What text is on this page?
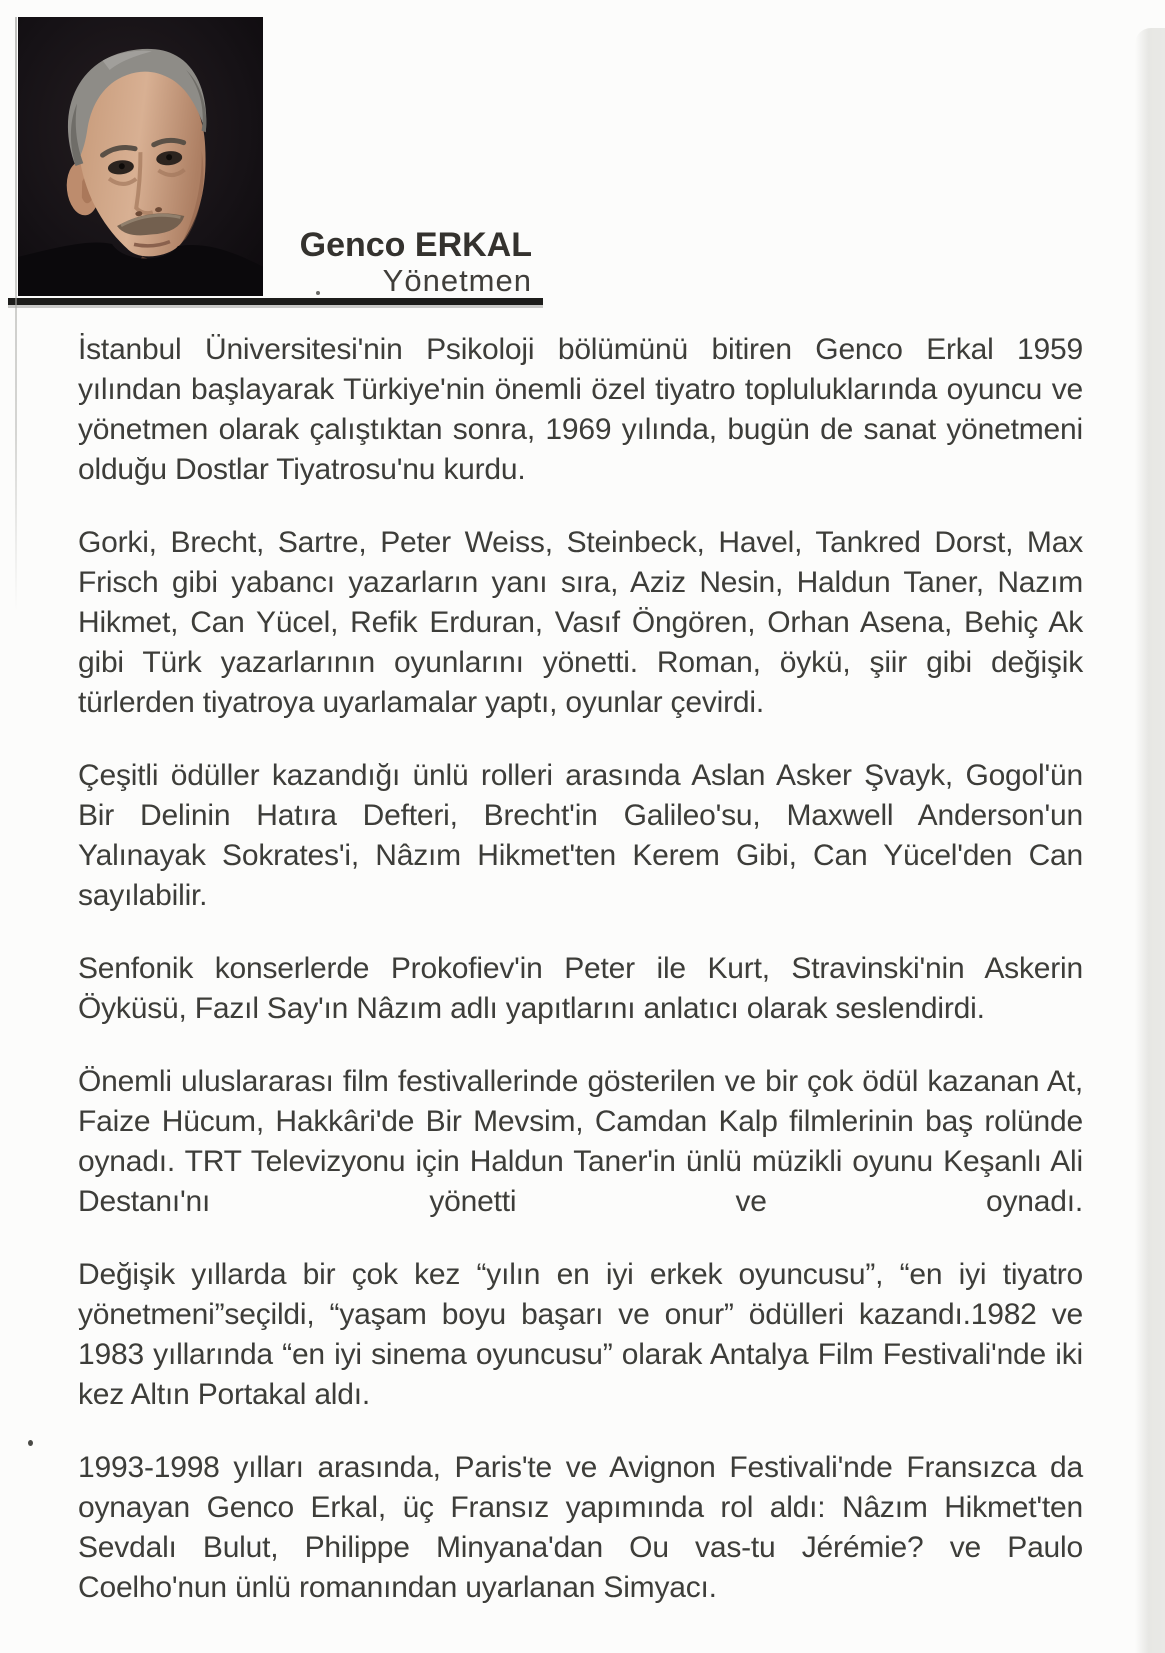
Genco ERKAL
Yönetmen

İstanbul Üniversitesi'nin Psikoloji bölümünü bitiren Genco Erkal 1959 yılından başlayarak Türkiye'nin önemli özel tiyatro topluluklarında oyuncu ve yönetmen olarak çalıştıktan sonra, 1969 yılında, bugün de sanat yönetmeni olduğu Dostlar Tiyatrosu'nu kurdu.

Gorki, Brecht, Sartre, Peter Weiss, Steinbeck, Havel, Tankred Dorst, Max Frisch gibi yabancı yazarların yanı sıra, Aziz Nesin, Haldun Taner, Nazım Hikmet, Can Yücel, Refik Erduran, Vasıf Öngören, Orhan Asena, Behiç Ak gibi Türk yazarlarının oyunlarını yönetti. Roman, öykü, şiir gibi değişik türlerden tiyatroya uyarlamalar yaptı, oyunlar çevirdi.

Çeşitli ödüller kazandığı ünlü rolleri arasında Aslan Asker Şvayk, Gogol'ün Bir Delinin Hatıra Defteri, Brecht'in Galileo'su, Maxwell Anderson'un Yalınayak Sokrates'i, Nâzım Hikmet'ten Kerem Gibi, Can Yücel'den Can sayılabilir.

Senfonik konserlerde Prokofiev'in Peter ile Kurt, Stravinski'nin Askerin Öyküsü, Fazıl Say'ın Nâzım adlı yapıtlarını anlatıcı olarak seslendirdi.

Önemli uluslararası film festivallerinde gösterilen ve bir çok ödül kazanan At, Faize Hücum, Hakkâri'de Bir Mevsim, Camdan Kalp filmlerinin baş rolünde oynadı. TRT Televizyonu için Haldun Taner'in ünlü müzikli oyunu Keşanlı Ali Destanı'nı yönetti ve oynadı.

Değişik yıllarda bir çok kez “yılın en iyi erkek oyuncusu”, “en iyi tiyatro yönetmeni”seçildi, “yaşam boyu başarı ve onur” ödülleri kazandı.1982 ve 1983 yıllarında “en iyi sinema oyuncusu” olarak Antalya Film Festivali'nde iki kez Altın Portakal aldı.

1993-1998 yılları arasında, Paris'te ve Avignon Festivali'nde Fransızca da oynayan Genco Erkal, üç Fransız yapımında rol aldı: Nâzım Hikmet'ten Sevdalı Bulut, Philippe Minyana'dan Ou vas-tu Jérémie? ve Paulo Coelho'nun ünlü romanından uyarlanan Simyacı.
